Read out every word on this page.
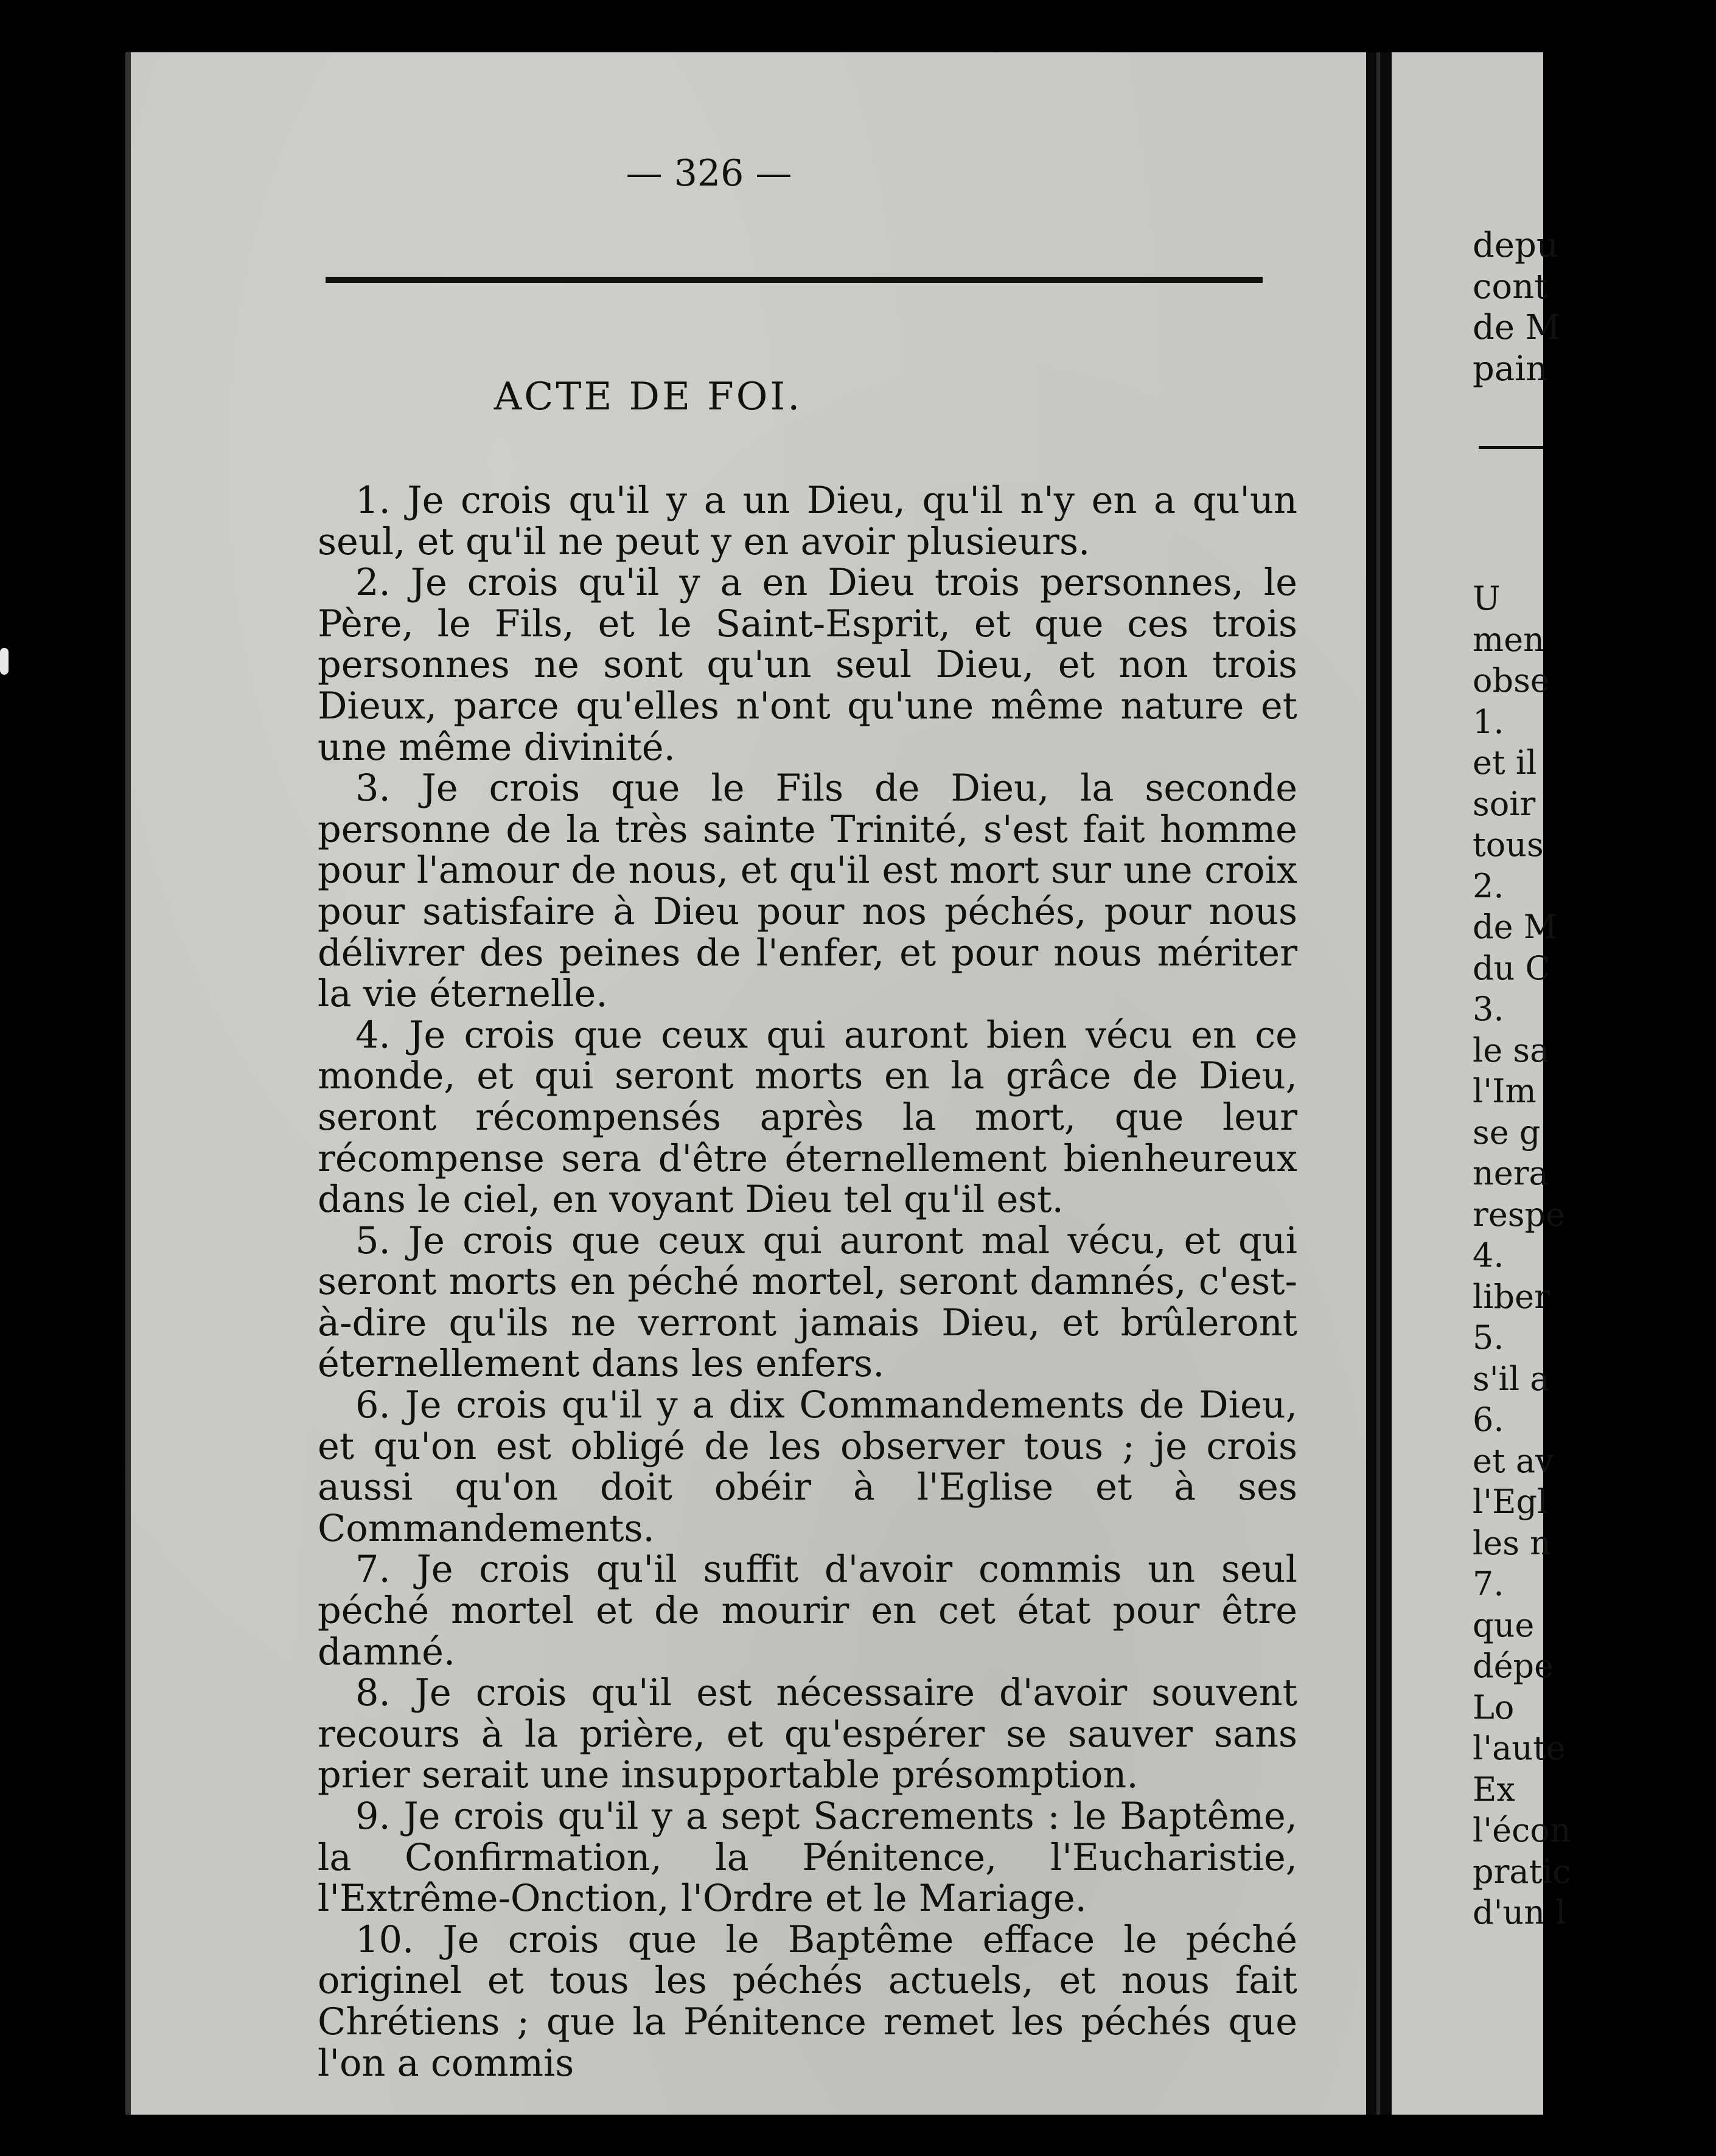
— 326 —
ACTE DE FOI.

1. Je crois qu'il y a un Dieu, qu'il n'y en a qu'un seul, et qu'il ne peut y en avoir plusieurs.

2. Je crois qu'il y a en Dieu trois personnes, le Père, le Fils, et le Saint-Esprit, et que ces trois personnes ne sont qu'un seul Dieu, et non trois Dieux, parce qu'elles n'ont qu'une même nature et une même divinité.

3. Je crois que le Fils de Dieu, la seconde personne de la très sainte Trinité, s'est fait homme pour l'amour de nous, et qu'il est mort sur une croix pour satisfaire à Dieu pour nos péchés, pour nous délivrer des peines de l'enfer, et pour nous mériter la vie éternelle.

4. Je crois que ceux qui auront bien vécu en ce monde, et qui seront morts en la grâce de Dieu, seront récompensés après la mort, que leur récompense sera d'être éternellement bienheureux dans le ciel, en voyant Dieu tel qu'il est.

5. Je crois que ceux qui auront mal vécu, et qui seront morts en péché mortel, seront damnés, c'est-à-dire qu'ils ne verront jamais Dieu, et brûleront éternellement dans les enfers.

6. Je crois qu'il y a dix Commandements de Dieu, et qu'on est obligé de les observer tous ; je crois aussi qu'on doit obéir à l'Eglise et à ses Commandements.

7. Je crois qu'il suffit d'avoir commis un seul péché mortel et de mourir en cet état pour être damné.

8. Je crois qu'il est nécessaire d'avoir souvent recours à la prière, et qu'espérer se sauver sans prier serait une insupportable présomption.

9. Je crois qu'il y a sept Sacrements : le Baptême, la Confirmation, la Pénitence, l'Eucharistie, l'Extrême-Onction, l'Ordre et le Mariage.

10. Je crois que le Baptême efface le péché originel et tous les péchés actuels, et nous fait Chrétiens ; que la Pénitence remet les péchés que l'on a commis

depu
cont
de M
pain

U
men
obse
1.
et il
soir
tous
2.
de M
du C
3.
le sa
l'Im
se g
nera
respe
4.
liber
5.
s'il a
6.
et av
l'Egl
les n
7.
que
dépe
Lo
l'aute
Ex
l'écon
pratic
d'un l
